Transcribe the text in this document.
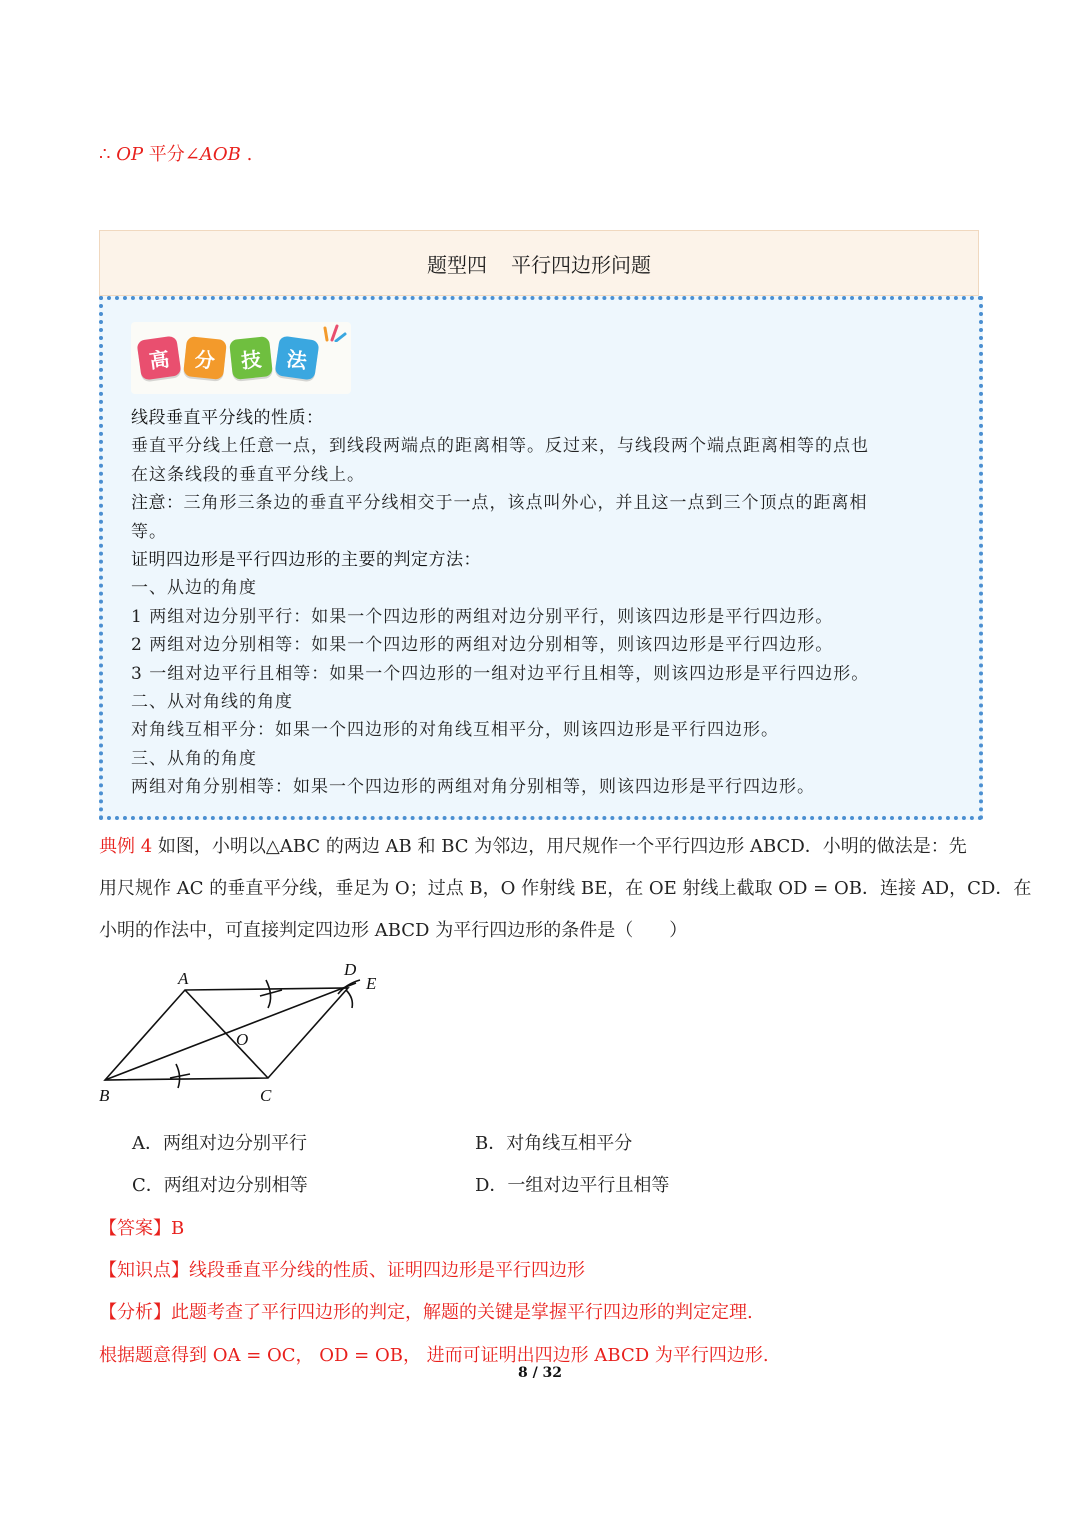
∴ OP 平分∠AOB .
题型四 平行四边形问题
高	分	技	法
线段垂直平分线的性质：
垂直平分线上任意一点，到线段两端点的距离相等。反过来，与线段两个端点距离相等的点也
在这条线段的垂直平分线上。
注意：三角形三条边的垂直平分线相交于一点，该点叫外心，并且这一点到三个顶点的距离相
等。
证明四边形是平行四边形的主要的判定方法：
一、从边的角度
1 两组对边分别平行：如果一个四边形的两组对边分别平行，则该四边形是平行四边形。
2 两组对边分别相等：如果一个四边形的两组对边分别相等，则该四边形是平行四边形。
3 一组对边平行且相等：如果一个四边形的一组对边平行且相等，则该四边形是平行四边形。
二、从对角线的角度
对角线互相平分：如果一个四边形的对角线互相平分，则该四边形是平行四边形。
三、从角的角度
两组对角分别相等：如果一个四边形的两组对角分别相等，则该四边形是平行四边形。
典例 4 如图，小明以△ABC 的两边 AB 和 BC 为邻边，用尺规作一个平行四边形 ABCD．小明的做法是：先
用尺规作 AC 的垂直平分线，垂足为 O；过点 B，O 作射线 BE，在 OE 射线上截取 OD = OB．连接 AD，CD．在
小明的作法中，可直接判定四边形 ABCD 为平行四边形的条件是（　　）
A	D
E
O
B	C
A．两组对边分别平行	B．对角线互相平分
C．两组对边分别相等	D．一组对边平行且相等
【答案】B
【知识点】线段垂直平分线的性质、证明四边形是平行四边形
【分析】此题考查了平行四边形的判定，解题的关键是掌握平行四边形的判定定理.
根据题意得到 OA = OC， OD = OB， 进而可证明出四边形 ABCD 为平行四边形.
8 / 32
